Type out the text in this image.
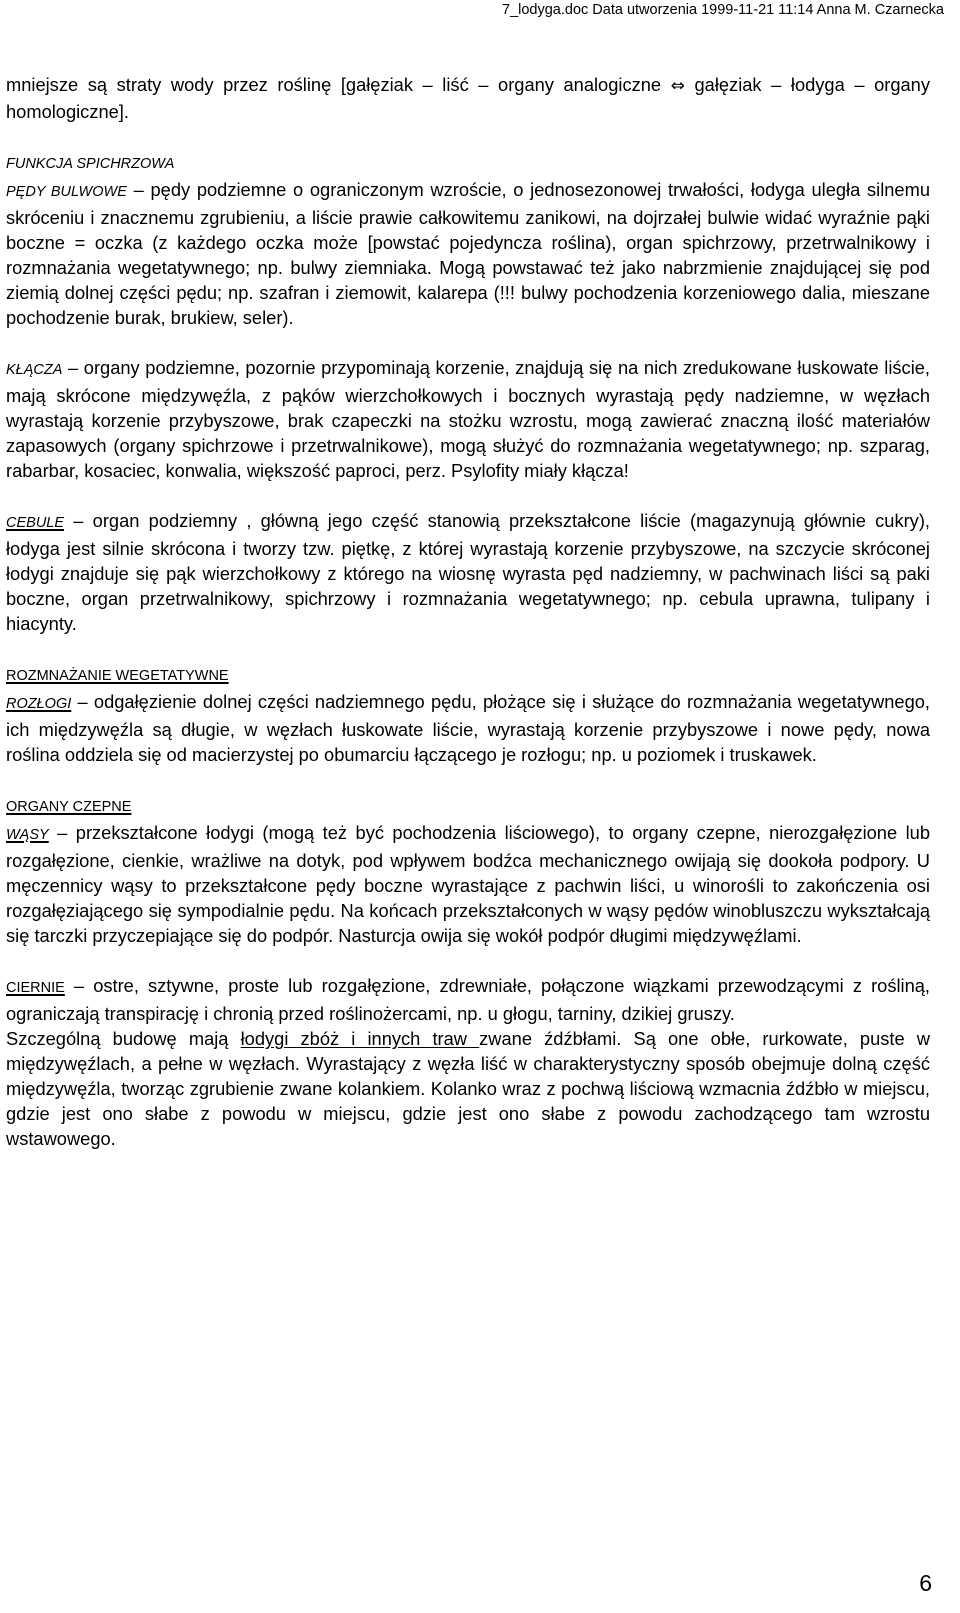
7_lodyga.doc Data utworzenia 1999-11-21 11:14 Anna M. Czarnecka

mniejsze są straty wody przez roślinę [gałęziak – liść – organy analogiczne ⇔ gałęziak – łodyga – organy homologiczne].

FUNKCJA SPICHRZOWA

PĘDY BULWOWE – pędy podziemne o ograniczonym wzroście, o jednosezonowej trwałości, łodyga uległa silnemu skróceniu i znacznemu zgrubieniu, a liście prawie całkowitemu zanikowi, na dojrzałej bulwie widać wyraźnie pąki boczne = oczka (z każdego oczka może [powstać pojedyncza roślina), organ spichrzowy, przetrwalnikowy i rozmnażania wegetatywnego; np. bulwy ziemniaka. Mogą powstawać też jako nabrzmienie znajdującej się pod ziemią dolnej części pędu; np. szafran i ziemowit, kalarepa (!!! bulwy pochodzenia korzeniowego dalia, mieszane pochodzenie burak, brukiew, seler).

KŁĄCZA – organy podziemne, pozornie przypominają korzenie, znajdują się na nich zredukowane łuskowate liście, mają skrócone międzywęźla, z pąków wierzchołkowych i bocznych wyrastają pędy nadziemne, w węzłach wyrastają korzenie przybyszowe, brak czapeczki na stożku wzrostu, mogą zawierać znaczną ilość materiałów zapasowych (organy spichrzowe i przetrwalnikowe), mogą służyć do rozmnażania wegetatywnego; np. szparag, rabarbar, kosaciec, konwalia, większość paproci, perz. Psylofity miały kłącza!

CEBULE – organ podziemny , główną jego część stanowią przekształcone liście (magazynują głównie cukry), łodyga jest silnie skrócona i tworzy tzw. piętkę, z której wyrastają korzenie przybyszowe, na szczycie skróconej łodygi znajduje się pąk wierzchołkowy z którego na wiosnę wyrasta pęd nadziemny, w pachwinach liści są paki boczne, organ przetrwalnikowy, spichrzowy i rozmnażania wegetatywnego; np. cebula uprawna, tulipany i hiacynty.

ROZMNAŻANIE WEGETATYWNE

ROZŁOGI – odgałęzienie dolnej części nadziemnego pędu, płożące się i służące do rozmnażania wegetatywnego, ich międzywęźla są długie, w węzłach łuskowate liście, wyrastają korzenie przybyszowe i nowe pędy, nowa roślina oddziela się od macierzystej po obumarciu łączącego je rozłogu; np. u poziomek i truskawek.

ORGANY CZEPNE

WĄSY – przekształcone łodygi (mogą też być pochodzenia liściowego), to organy czepne, nierozgałęzione lub rozgałęzione, cienkie, wrażliwe na dotyk, pod wpływem bodźca mechanicznego owijają się dookoła podpory. U męczennicy wąsy to przekształcone pędy boczne wyrastające z pachwin liści, u winorośli to zakończenia osi rozgałęziającego się sympodialnie pędu. Na końcach przekształconych w wąsy pędów winobluszczu wykształcają się tarczki przyczepiające się do podpór. Nasturcja owija się wokół podpór długimi międzywęźlami.

CIERNIE – ostre, sztywne, proste lub rozgałęzione, zdrewniałe, połączone wiązkami przewodzącymi z rośliną, ograniczają transpirację i chronią przed roślinożercami, np. u głogu, tarniny, dzikiej gruszy.

Szczególną budowę mają łodygi zbóż i innych traw zwane źdźbłami. Są one obłe, rurkowate, puste w międzywęźlach, a pełne w węzłach. Wyrastający z węzła liść w charakterystyczny sposób obejmuje dolną część międzywęźla, tworząc zgrubienie zwane kolankiem. Kolanko wraz z pochwą liściową wzmacnia źdźbło w miejscu, gdzie jest ono słabe z powodu w miejscu, gdzie jest ono słabe z powodu zachodzącego tam wzrostu wstawowego.

6
